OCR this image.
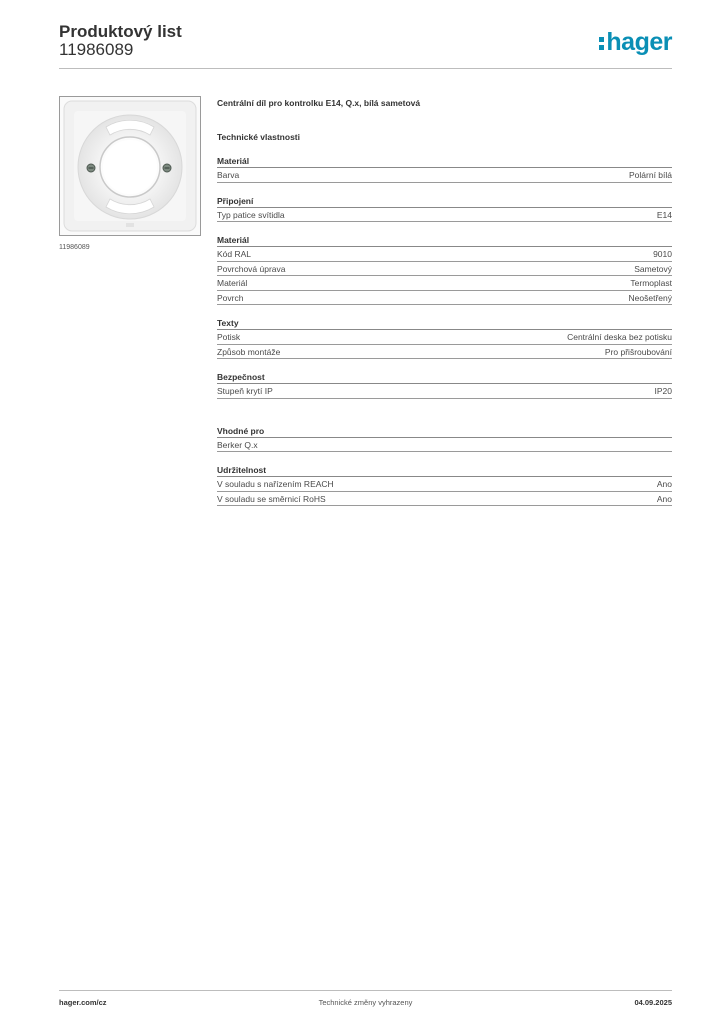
Produktový list
11986089	hager
11986089
Centrální díl pro kontrolku E14, Q.x, bílá sametová
Technické vlastnosti
Materiál
Barva	Polární bílá
Připojení
Typ patice svítidla	E14
Materiál
Kód RAL	9010
Povrchová úprava	Sametový
Materiál	Termoplast
Povrch	Neošetřený
Texty
Potisk	Centrální deska bez potisku
Způsob montáže	Pro přišroubování
Bezpečnost
Stupeň krytí IP	IP20
Vhodné pro
Berker Q.x
Udržitelnost
V souladu s nařízením REACH	Ano
V souladu se směrnicí RoHS	Ano
hager.com/cz	Technické změny vyhrazeny	04.09.2025
